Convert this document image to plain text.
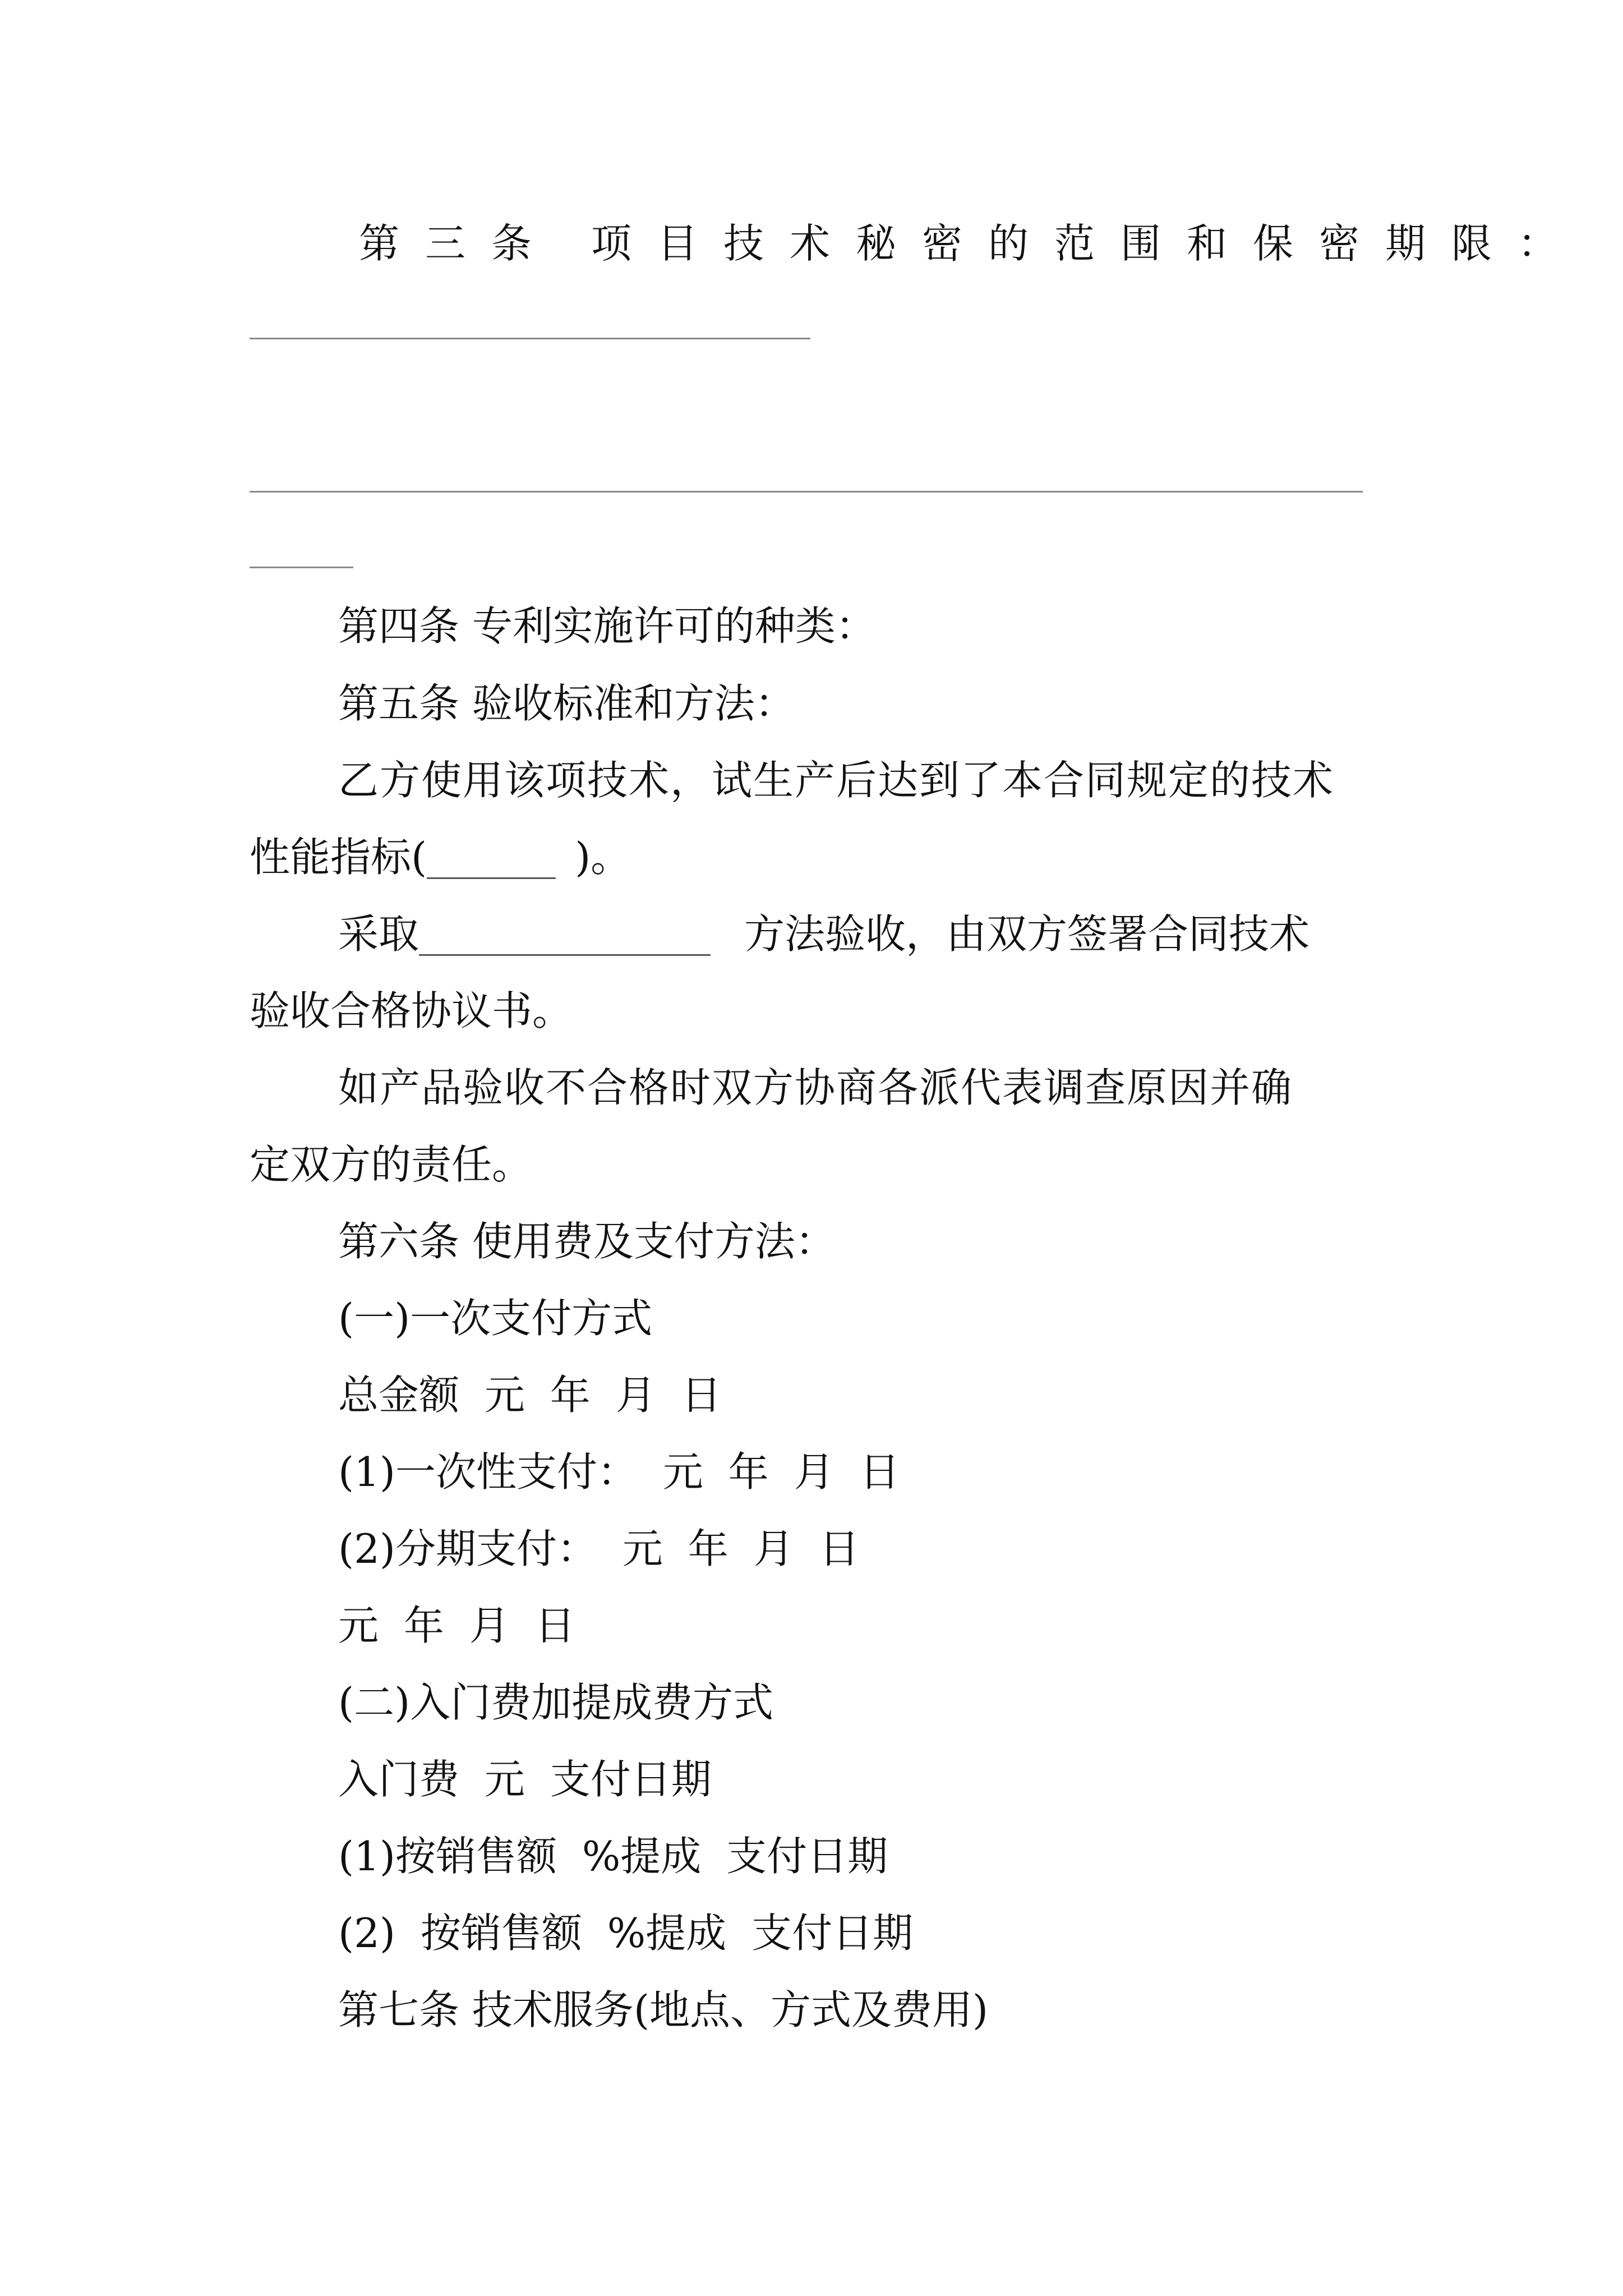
第三条 项目技术秘密的范围和保密期限：
第四条 专利实施许可的种类：
第五条 验收标准和方法：
乙方使用该项技术，试生产后达到了本合同规定的技术
性能指标(	)。
采取	方法验收，由双方签署合同技术
验收合格协议书。
如产品验收不合格时双方协商各派代表调查原因并确
定双方的责任。
第六条 使用费及支付方法：
(一)一次支付方式
总金额 元 年 月 日
(1)一次性支付： 元 年 月 日
(2)分期支付： 元 年 月 日
元 年 月 日
(二)入门费加提成费方式
入门费 元 支付日期
(1)按销售额 %提成 支付日期
(2) 按销售额 %提成 支付日期
第七条 技术服务(地点、方式及费用)
